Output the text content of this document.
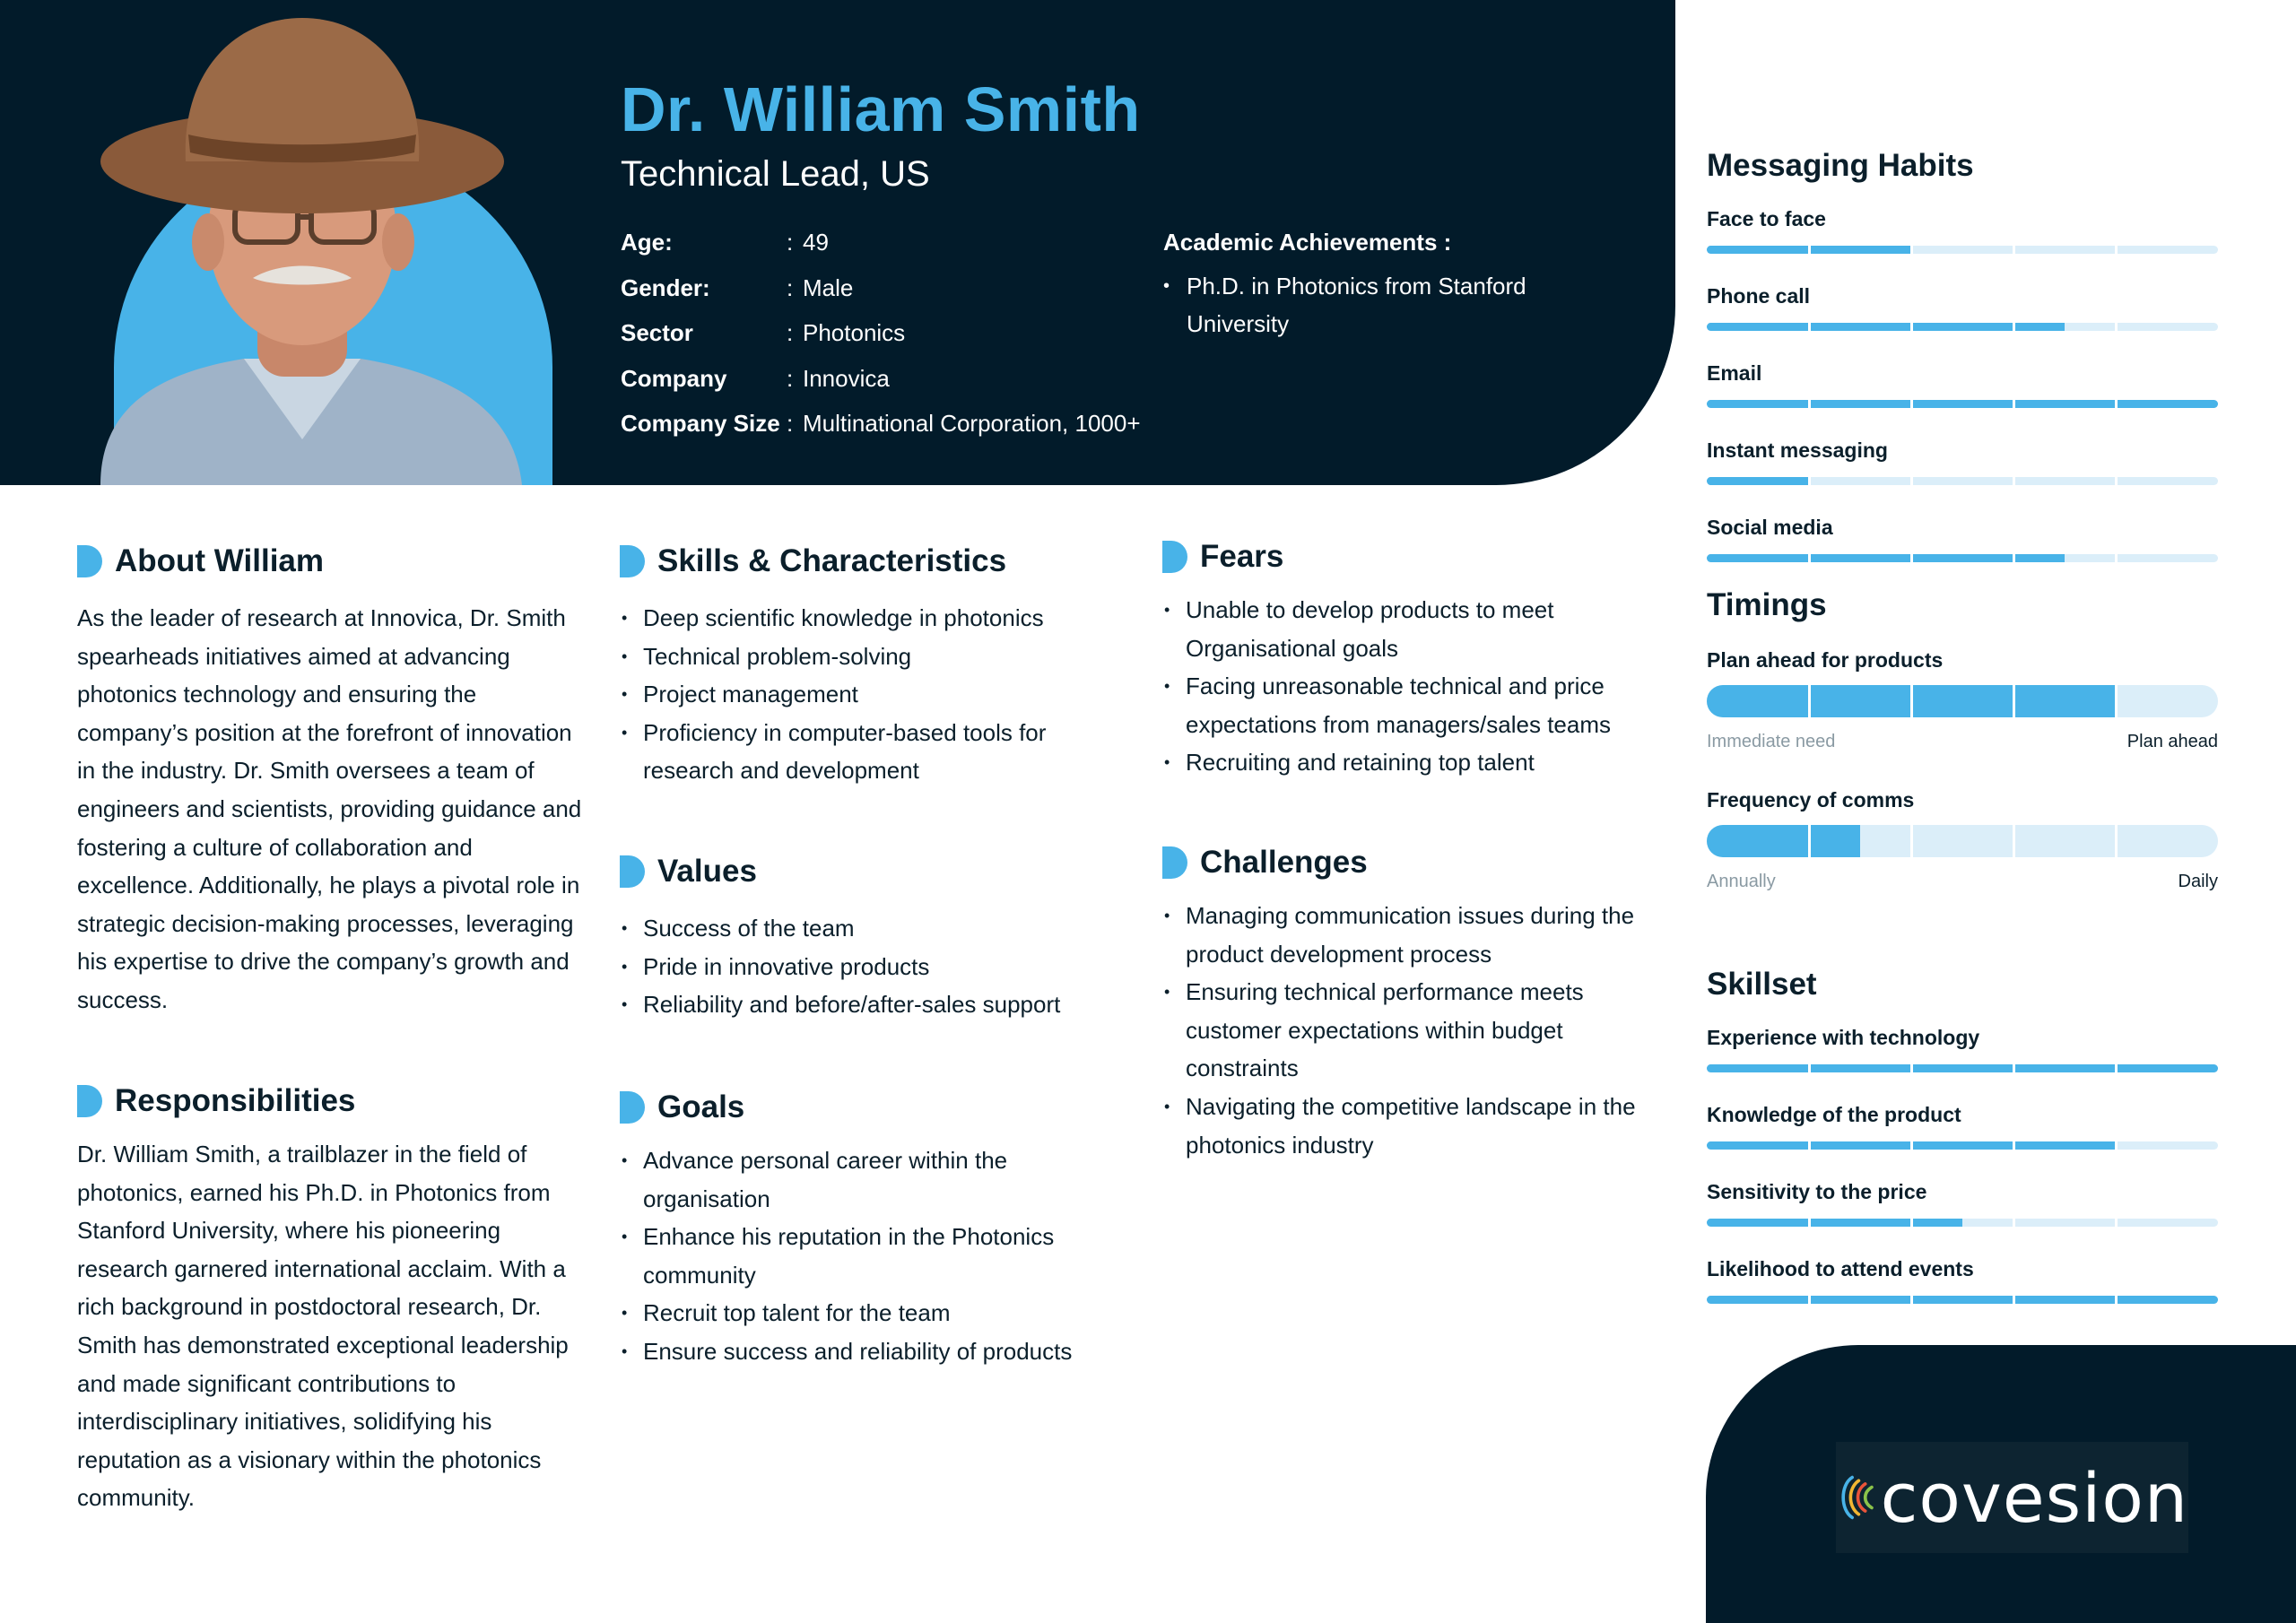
Dr. William Smith
Technical Lead, US
Age:	: 49
Gender:	: Male
Sector	: Photonics
Company	: Innovica
Company Size : Multinational Corporation, 1000+
Academic Achievements :
• Ph.D. in Photonics from Stanford University
About William

As the leader of research at Innovica, Dr. Smith spearheads initiatives aimed at advancing photonics technology and ensuring the company’s position at the forefront of innovation in the industry. Dr. Smith oversees a team of engineers and scientists, providing guidance and fostering a culture of collaboration and excellence. Additionally, he plays a pivotal role in strategic decision-making processes, leveraging his expertise to drive the company’s growth and success.

Responsibilities

Dr. William Smith, a trailblazer in the field of photonics, earned his Ph.D. in Photonics from Stanford University, where his pioneering research garnered international acclaim. With a rich background in postdoctoral research, Dr. Smith has demonstrated exceptional leadership and made significant contributions to interdisciplinary initiatives, solidifying his reputation as a visionary within the photonics community.

Skills & Characteristics
• Deep scientific knowledge in photonics
• Technical problem-solving
• Project management
• Proficiency in computer-based tools for research and development
Values
• Success of the team
• Pride in innovative products
• Reliability and before/after-sales support
Goals
• Advance personal career within the organisation
• Enhance his reputation in the Photonics community
• Recruit top talent for the team
• Ensure success and reliability of products
Fears
• Unable to develop products to meet Organisational goals
• Facing unreasonable technical and price expectations from managers/sales teams
• Recruiting and retaining top talent
Challenges
• Managing communication issues during the product development process
• Ensuring technical performance meets customer expectations within budget constraints
• Navigating the competitive landscape in the photonics industry
Messaging Habits
Face to face
Phone call
Email
Instant messaging
Social media
Timings
Plan ahead for products
Immediate need	Plan ahead
Frequency of comms
Annually	Daily
Skillset
Experience with technology
Knowledge of the product
Sensitivity to the price
Likelihood to attend events
covesion
